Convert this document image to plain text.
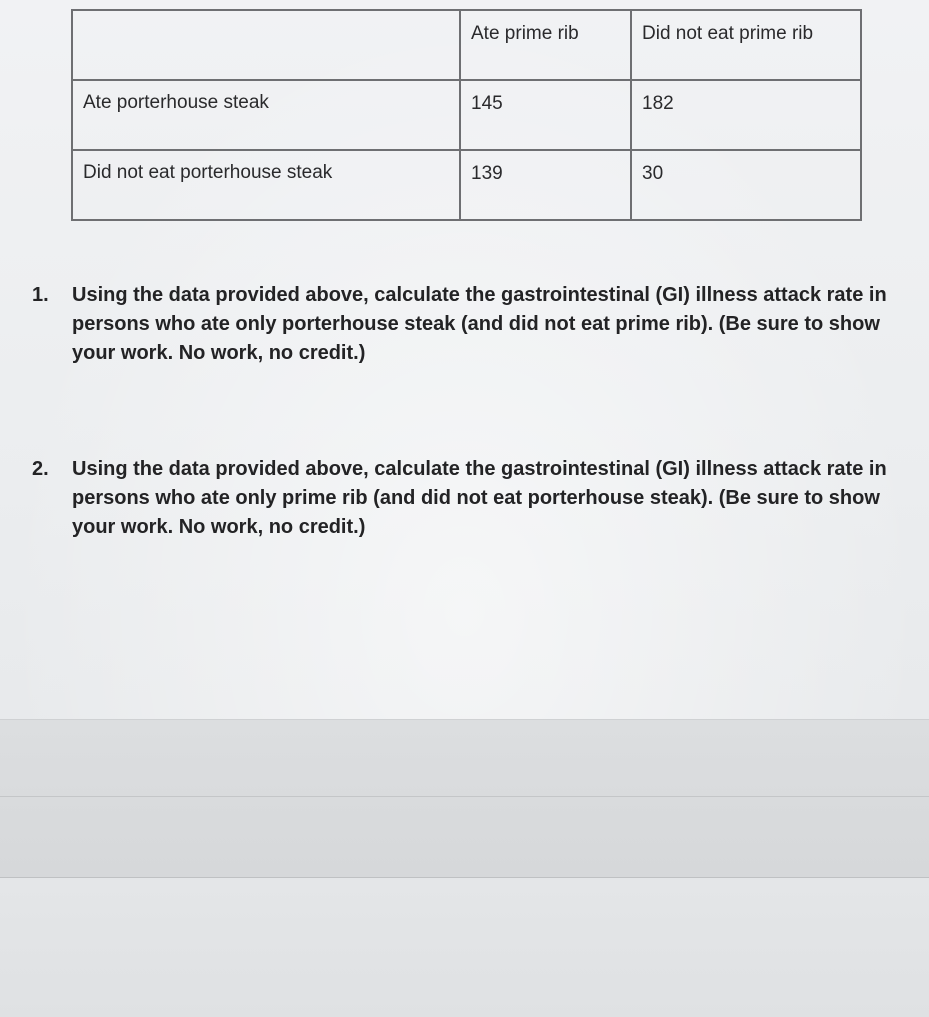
	Ate prime rib	Did not eat prime rib
Ate porterhouse steak	145	182
Did not eat porterhouse steak	139	30
1. Using the data provided above, calculate the gastrointestinal (GI) illness attack rate in persons who ate only porterhouse steak (and did not eat prime rib). (Be sure to show your work. No work, no credit.)
2. Using the data provided above, calculate the gastrointestinal (GI) illness attack rate in persons who ate only prime rib (and did not eat porterhouse steak). (Be sure to show your work. No work, no credit.)
